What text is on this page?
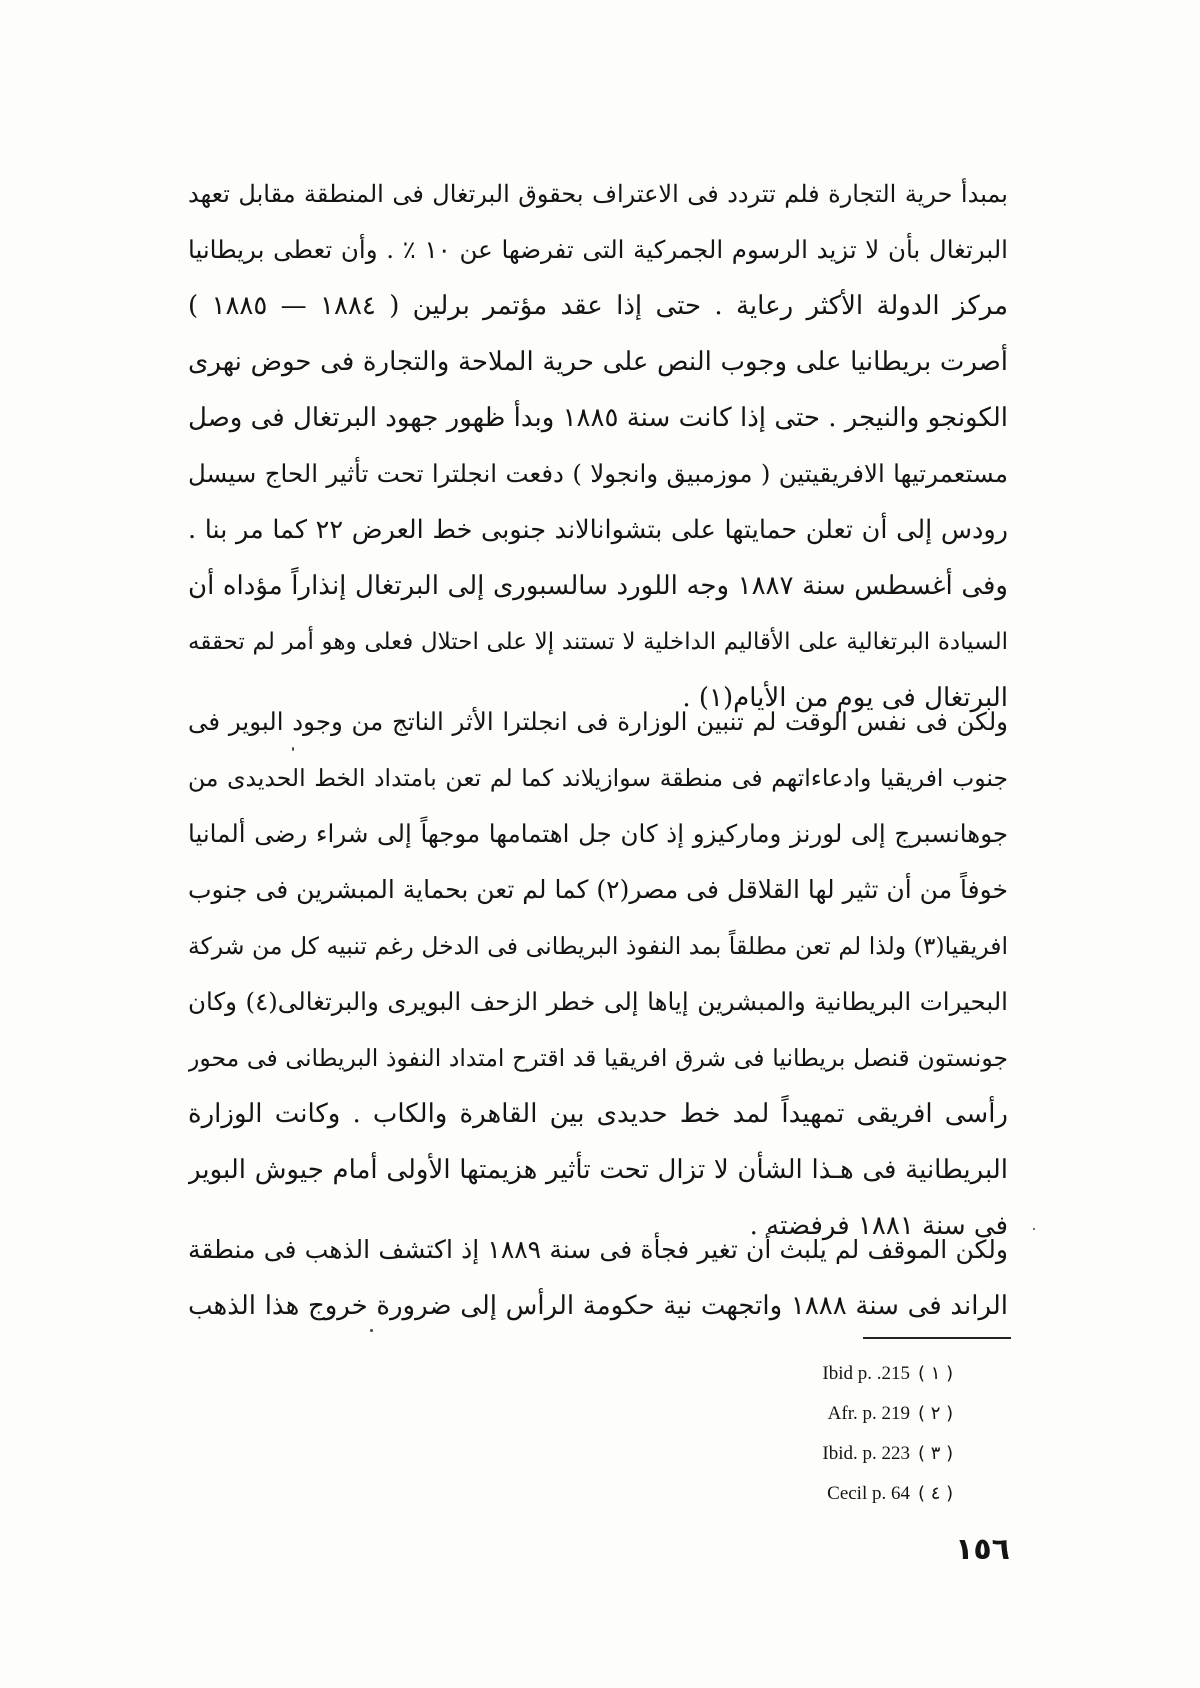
بمبدأ حرية التجارة فلم تتردد فى الاعتراف بحقوق البرتغال فى المنطقة مقابل تعهد
البرتغال بأن لا تزيد الرسوم الجمركية التى تفرضها عن ١٠ ٪ . وأن تعطى بريطانيا
مركز الدولة الأكثر رعاية . حتى إذا عقد مؤتمر برلين ( ١٨٨٤ — ١٨٨٥ )
أصرت بريطانيا على وجوب النص على حرية الملاحة والتجارة فى حوض نهرى
الكونجو والنيجر . حتى إذا كانت سنة ١٨٨٥ وبدأ ظهور جهود البرتغال فى وصل
مستعمرتيها الافريقيتين ( موزمبيق وانجولا ) دفعت انجلترا تحت تأثير الحاج سيسل
رودس إلى أن تعلن حمايتها على بتشوانالاند جنوبى خط العرض ٢٢ كما مر بنا .
وفى أغسطس سنة ١٨٨٧ وجه اللورد سالسبورى إلى البرتغال إنذاراً مؤداه أن
السيادة البرتغالية على الأقاليم الداخلية لا تستند إلا على احتلال فعلى وهو أمر لم تحققه
البرتغال فى يوم من الأيام(١) .
ولكن فى نفس الوقت لم تنبين الوزارة فى انجلترا الأثر الناتج من وجود البوير فى
جنوب افريقيا وادعاءاتهم فى منطقة سوازيلاند كما لم تعن بامتداد الخط الحديدى من
جوهانسبرج إلى لورنز وماركيزو إذ كان جل اهتمامها موجهاً إلى شراء رضى ألمانيا
خوفاً من أن تثير لها القلاقل فى مصر(٢) كما لم تعن بحماية المبشرين فى جنوب
افريقيا(٣) ولذا لم تعن مطلقاً بمد النفوذ البريطانى فى الدخل رغم تنبيه كل من شركة
البحيرات البريطانية والمبشرين إياها إلى خطر الزحف البويرى والبرتغالى(٤) وكان
جونستون قنصل بريطانيا فى شرق افريقيا قد اقترح امتداد النفوذ البريطانى فى محور
رأسى افريقى تمهيداً لمد خط حديدى بين القاهرة والكاب . وكانت الوزارة
البريطانية فى هـذا الشأن لا تزال تحت تأثير هزيمتها الأولى أمام جيوش البوير
فى سنة ١٨٨١ فرفضته .
ولكن الموقف لم يلبث أن تغير فجأة فى سنة ١٨٨٩ إذ اكتشف الذهب فى منطقة
الراند فى سنة ١٨٨٨ واتجهت نية حكومة الرأس إلى ضرورة خروج هذا الذهب
Ibid p. .215 ( ١ )
Afr. p. 219 ( ٢ )
Ibid. p. 223 ( ٣ )
Cecil p. 64 ( ٤ )
١٥٦
